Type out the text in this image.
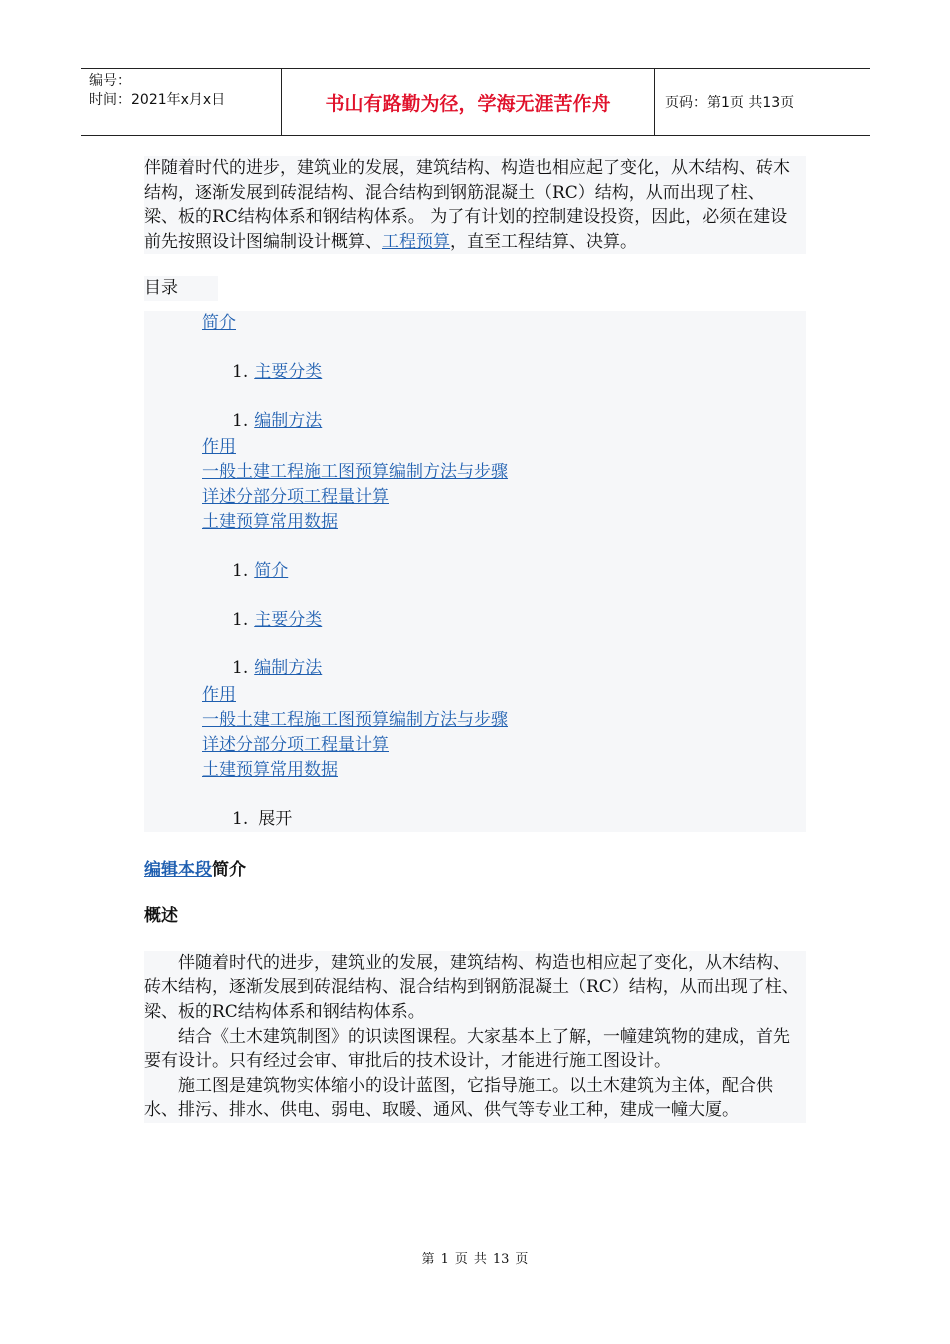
编号：
时间：2021年x月x日	书山有路勤为径，学海无涯苦作舟	页码：第1页 共13页

伴随着时代的进步，建筑业的发展，建筑结构、构造也相应起了变化，从木结构、砖木结构，逐渐发展到砖混结构、混合结构到钢筋混凝土（RC）结构，从而出现了柱、梁、板的RC结构体系和钢结构体系。 为了有计划的控制建设投资，因此，必须在建设前先按照设计图编制设计概算、工程预算，直至工程结算、决算。

目录
简介
1. 主要分类
1. 编制方法
作用
一般土建工程施工图预算编制方法与步骤
详述分部分项工程量计算
土建预算常用数据
1. 简介
1. 主要分类
1. 编制方法
作用
一般土建工程施工图预算编制方法与步骤
详述分部分项工程量计算
土建预算常用数据
1. 展开
编辑本段简介
概述

伴随着时代的进步，建筑业的发展，建筑结构、构造也相应起了变化，从木结构、砖木结构，逐渐发展到砖混结构、混合结构到钢筋混凝土（RC）结构，从而出现了柱、梁、板的RC结构体系和钢结构体系。

结合《土木建筑制图》的识读图课程。大家基本上了解，一幢建筑物的建成，首先要有设计。只有经过会审、审批后的技术设计，才能进行施工图设计。

施工图是建筑物实体缩小的设计蓝图，它指导施工。以土木建筑为主体，配合供水、排污、排水、供电、弱电、取暖、通风、供气等专业工种，建成一幢大厦。

第 1 页 共 13 页
